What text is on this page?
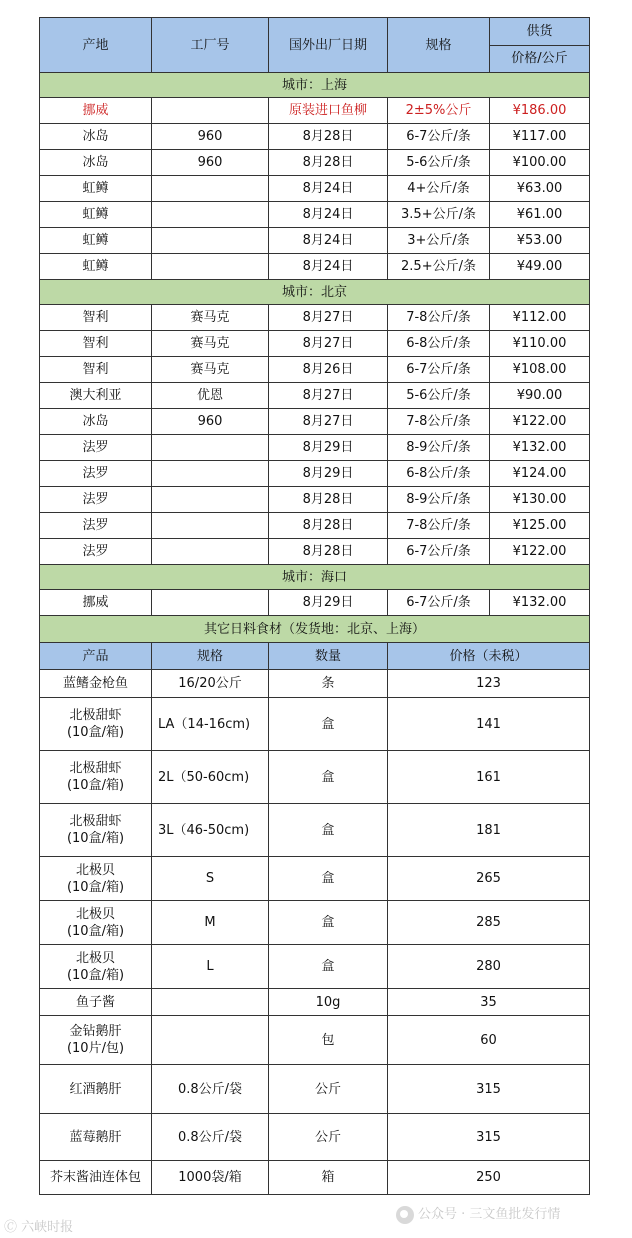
产地	工厂号	国外出厂日期	规格	供货
				价格/公斤
城市：上海				
挪威		原装进口鱼柳	2±5%公斤	¥186.00
冰岛	960	8月28日	6-7公斤/条	¥117.00
冰岛	960	8月28日	5-6公斤/条	¥100.00
虹鳟		8月24日	4+公斤/条	¥63.00
虹鳟		8月24日	3.5+公斤/条	¥61.00
虹鳟		8月24日	3+公斤/条	¥53.00
虹鳟		8月24日	2.5+公斤/条	¥49.00
城市：北京				
智利	赛马克	8月27日	7-8公斤/条	¥112.00
智利	赛马克	8月27日	6-8公斤/条	¥110.00
智利	赛马克	8月26日	6-7公斤/条	¥108.00
澳大利亚	优恩	8月27日	5-6公斤/条	¥90.00
冰岛	960	8月27日	7-8公斤/条	¥122.00
法罗		8月29日	8-9公斤/条	¥132.00
法罗		8月29日	6-8公斤/条	¥124.00
法罗		8月28日	8-9公斤/条	¥130.00
法罗		8月28日	7-8公斤/条	¥125.00
法罗		8月28日	6-7公斤/条	¥122.00
城市：海口				
挪威		8月29日	6-7公斤/条	¥132.00
其它日料食材（发货地：北京、上海）				
产品	规格	数量	价格（未税）	

蓝鳍金枪鱼	16/20公斤	条	123	

北极甜虾
(10盒/箱)	LA（14-16cm)	盒	141	

北极甜虾
(10盒/箱)	2L（50-60cm)	盒	161	

北极甜虾
(10盒/箱)	3L（46-50cm)	盒	181	

北极贝
(10盒/箱)	S	盒	265	

北极贝
(10盒/箱)	M	盒	285	

北极贝
(10盒/箱)	L	盒	280	

鱼子酱		10g	35	

金钻鹅肝
(10片/包)		包	60	

红酒鹅肝	0.8公斤/袋	公斤	315	

蓝莓鹅肝	0.8公斤/袋	公斤	315	

芥末酱油连体包	1000袋/箱	箱	250	
🄫 六峡时报
公众号 · 三文鱼批发行情
